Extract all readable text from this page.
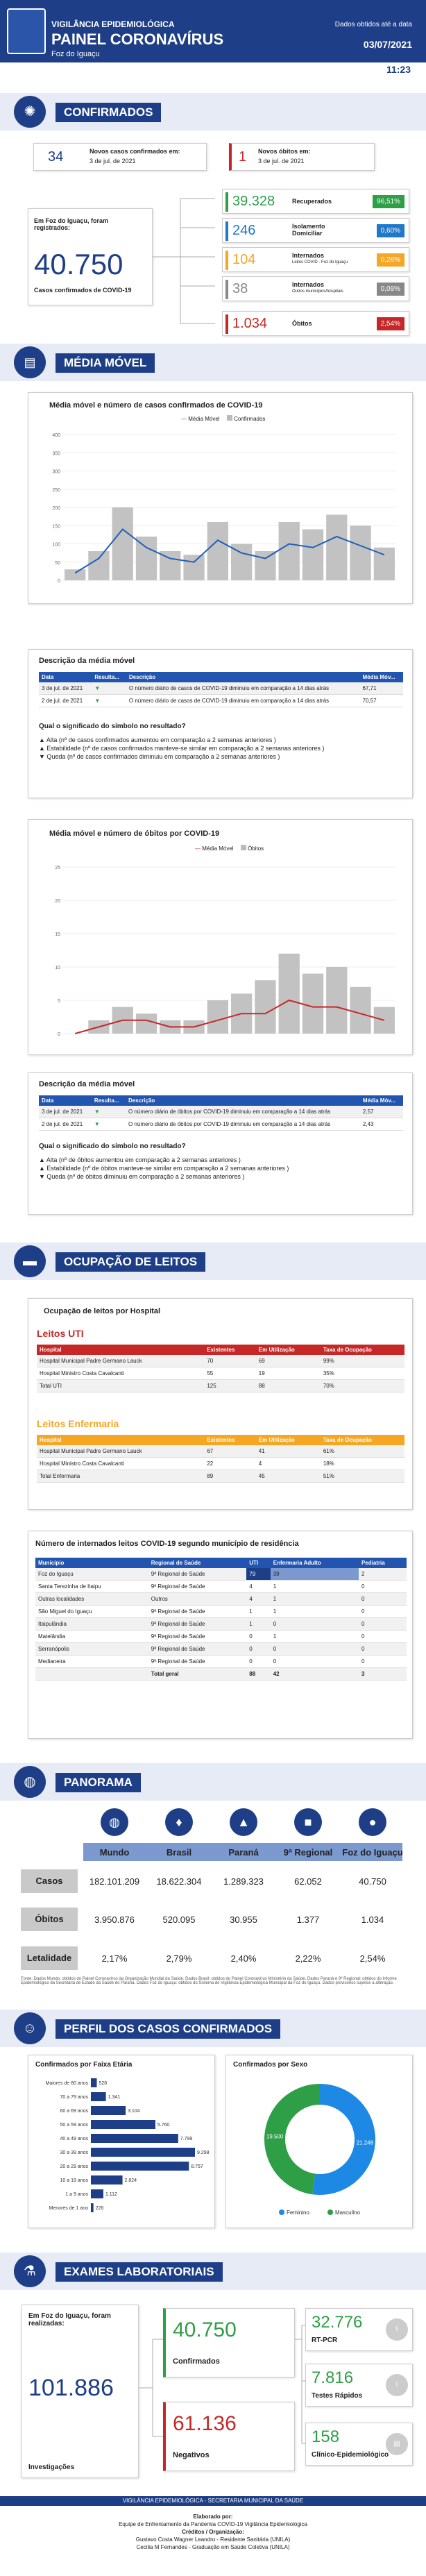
VIGILÂNCIA EPIDEMIOLÓGICA
PAINEL CORONAVÍRUS
Foz do Iguaçu
Dados obtidos até a data
03/07/2021
11:23
✺	CONFIRMADOS
34	Novos casos confirmados em:
3 de jul. de 2021	1 Novos óbitos em:
3 de jul. de 2021
Em Foz do Iguaçu, foram registrados:
40.750
Casos confirmados de COVID-19
39.328	Recuperados	96,51%
246	Isolamento Domiciliar	0,60%
104	Internados
Leitos COVID - Foz do Iguaçu	0,26%
38	Internados
Outros municípios/hospitais	0,09%
1.034	Óbitos	2,54%
▤	MÉDIA MÓVEL
Média móvel e número de casos confirmados de COVID-19
— Média Móvel	Confirmados
400
350
300
250
200
150
100
50
0
Descrição da média móvel
Data	Resulta...	Descrição	Média Móv...
3 de jul. de 2021	▼	O número diário de casos de COVID-19 diminuiu em comparação a 14 dias atrás	67,71
2 de jul. de 2021	▼	O número diário de casos de COVID-19 diminuiu em comparação a 14 dias atrás	70,57
Qual o significado do símbolo no resultado?
▲ Alta (nº de casos confirmados aumentou em comparação a 2 semanas anteriores )
▲ Estabilidade (nº de casos confirmados manteve-se similar em comparação a 2 semanas anteriores )
▼ Queda (nº de casos confirmados diminuiu em comparação a 2 semanas anteriores )
Média móvel e número de óbitos por COVID-19
— Média Móvel	Óbitos
25
20
15
10
5
0
Descrição da média móvel
Data	Resulta...	Descrição	Média Móv...
3 de jul. de 2021	▼	O número diário de óbitos por COVID-19 diminuiu em comparação a 14 dias atrás	2,57
2 de jul. de 2021	▼	O número diário de óbitos por COVID-19 diminuiu em comparação a 14 dias atrás	2,43
Qual o significado do símbolo no resultado?
▲ Alta (nº de óbitos aumentou em comparação a 2 semanas anteriores )
▲ Estabilidade (nº de óbitos manteve-se similar em comparação a 2 semanas anteriores )
▼ Queda (nº de óbitos diminuiu em comparação a 2 semanas anteriores )
▬	OCUPAÇÃO DE LEITOS
Ocupação de leitos por Hospital
Leitos UTI
Hospital	Existentes	Em Utilização	Taxa de Ocupação
Hospital Municipal Padre Germano Lauck	70	69	99%
Hospital Ministro Costa Cavalcanti	55	19	35%
Total UTI	125	88	70%
Leitos Enfermaria
Hospital	Existentes	Em Utilização	Taxa de Ocupação
Hospital Municipal Padre Germano Lauck	67	41	61%
Hospital Ministro Costa Cavalcanti	22	4	18%
Total Enfermaria	89	45	51%
Número de internados leitos COVID-19 segundo município de residência
Município	Regional de Saúde	UTI	Enfermaria Adulto	Pediatria
Foz do Iguaçu	9ª Regional de Saúde	79	39	2
Santa Terezinha de Itaipu	9ª Regional de Saúde	4	1	0
Outras localidades	Outros	4	1	0
São Miguel do Iguaçu	9ª Regional de Saúde	1	1	0
Itaipulândia	9ª Regional de Saúde	1	0	0
Matelândia	9ª Regional de Saúde	0	1	0
Serranópolis	9ª Regional de Saúde	0	0	0
Medianeira	9ª Regional de Saúde	0	0	0
	Total geral	88	42	3
◍	PANORAMA
◍	♦	▲	■	●
Mundo	Brasil	Paraná	9ª Regional	Foz do Iguaçu
Casos	182.101.209	18.622.304	1.289.323	62.052	40.750
Óbitos	3.950.876	520.095	30.955	1.377	1.034
Letalidade	2,17%	2,79%	2,40%	2,22%	2,54%
Fonte: Dados Mundo: obtidos do Painel Coronavírus da Organização Mundial da Saúde. Dados Brasil: obtidos do Painel Coronavírus Ministério da Saúde. Dados Paraná e 9ª Regional: obtidos do Informe Epidemiológico da Secretaria de Estado da Saúde do Paraná. Dados Foz do Iguaçu: obtidos do Sistema de Vigilância Epidemiológica Municipal da Foz do Iguaçu. Dados provisórios sujeitos a alteração.
☺	PERFIL DOS CASOS CONFIRMADOS
Confirmados por Faixa Etária
Maiores de 80 anos 528
70 a 79 anos	1.341
60 a 69 anos	3.104
50 a 59 anos	5.760
40 a 49 anos	7.799
30 a 39 anos	9.298
20 a 29 anos	8.757
10 a 19 anos	2.824
1 a 9 anos	1.112
Menores de 1 ano 226
Confirmados por Sexo
21.248
19.500
Feminino	Masculino
⚗	EXAMES LABORATORIAIS
Em Foz do Iguaçu, foram realizadas:
101.886
Investigações
40.750
Confirmados
61.136
Negativos
32.776
RT-PCR
⚕
7.816
Testes Rápidos
i
158
Clínico-Epidemiológico
▤
VIGILÂNCIA EPIDEMIOLÓGICA - SECRETARIA MUNICIPAL DA SAÚDE
Elaborado por:
Equipe de Enfrentamento da Pandemia COVID-19 Vigilância Epidemiológica
Créditos / Organização:
Gustavo Costa Wagner Leandro - Residente Sanitária (UNILA)
Cecilia M Fernandes - Graduação em Saúde Coletiva (UNILA)
